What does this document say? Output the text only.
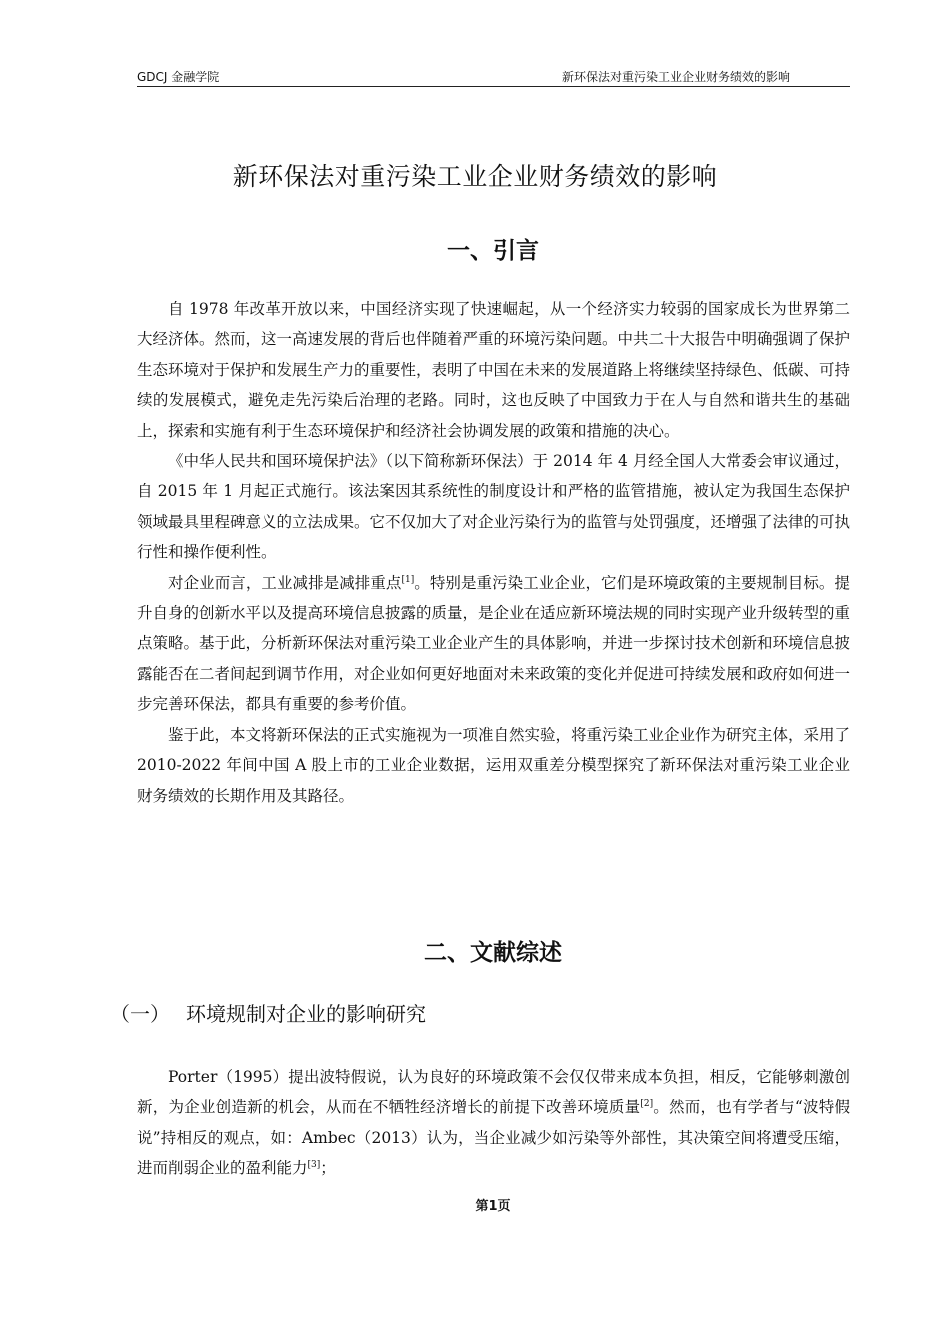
GDCJ 金融学院	新环保法对重污染工业企业财务绩效的影响
新环保法对重污染工业企业财务绩效的影响
一、引言

自 1978 年改革开放以来，中国经济实现了快速崛起，从一个经济实力较弱的国家成长为世界第二大经济体。然而，这一高速发展的背后也伴随着严重的环境污染问题。中共二十大报告中明确强调了保护生态环境对于保护和发展生产力的重要性，表明了中国在未来的发展道路上将继续坚持绿色、低碳、可持续的发展模式，避免走先污染后治理的老路。同时，这也反映了中国致力于在人与自然和谐共生的基础上，探索和实施有利于生态环境保护和经济社会协调发展的政策和措施的决心。

《中华人民共和国环境保护法》（以下简称新环保法）于 2014 年 4 月经全国人大常委会审议通过，自 2015 年 1 月起正式施行。该法案因其系统性的制度设计和严格的监管措施，被认定为我国生态保护领域最具里程碑意义的立法成果。它不仅加大了对企业污染行为的监管与处罚强度，还增强了法律的可执行性和操作便利性。

对企业而言，工业减排是减排重点[1]。特别是重污染工业企业，它们是环境政策的主要规制目标。提升自身的创新水平以及提高环境信息披露的质量，是企业在适应新环境法规的同时实现产业升级转型的重点策略。基于此，分析新环保法对重污染工业企业产生的具体影响，并进一步探讨技术创新和环境信息披露能否在二者间起到调节作用，对企业如何更好地面对未来政策的变化并促进可持续发展和政府如何进一步完善环保法，都具有重要的参考价值。

鉴于此，本文将新环保法的正式实施视为一项准自然实验，将重污染工业企业作为研究主体，采用了 2010-2022 年间中国 A 股上市的工业企业数据，运用双重差分模型探究了新环保法对重污染工业企业财务绩效的长期作用及其路径。

二、文献综述
（一） 环境规制对企业的影响研究

Porter（1995）提出波特假说，认为良好的环境政策不会仅仅带来成本负担，相反，它能够刺激创新，为企业创造新的机会，从而在不牺牲经济增长的前提下改善环境质量[2]。然而，也有学者与“波特假说”持相反的观点，如：Ambec（2013）认为，当企业减少如污染等外部性，其决策空间将遭受压缩，进而削弱企业的盈利能力[3]；

第1页
